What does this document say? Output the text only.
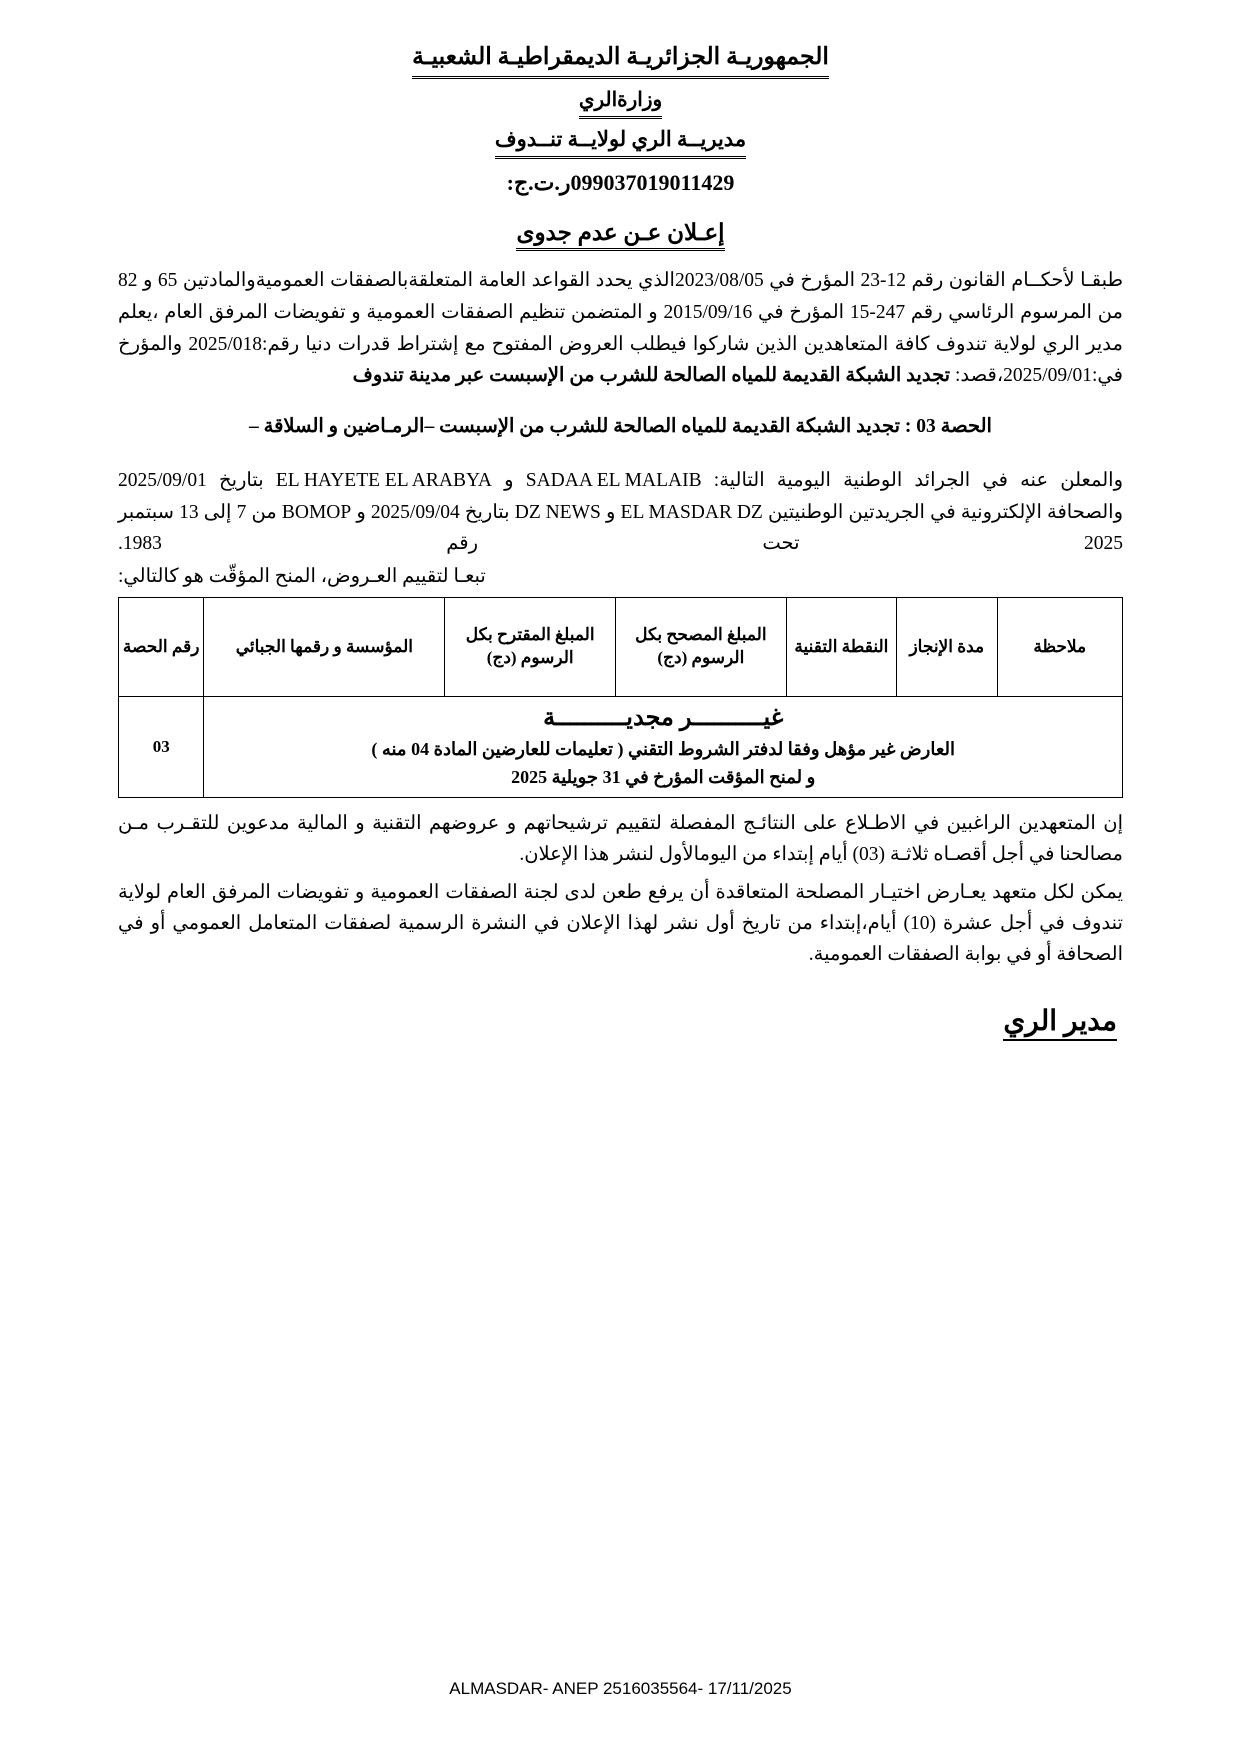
الجمهوريـة الجزائريـة الديمقراطيـة الشعبيـة
وزارةالري
مديريــة الري لولايــة تنــدوف
099037019011429ر.ت.ج:
إعـلان عـن عدم جدوى

طبقـا لأحكــام القانون رقم 12-23 المؤرخ في 2023/08/05الذي يحدد القواعد العامة المتعلقةبالصفقات العموميةوالمادتين 65 و 82 من المرسوم الرئاسي رقم 247-15 المؤرخ في 2015/09/16 و المتضمن تنظيم الصفقات العمومية و تفويضات المرفق العام ،يعلم مدير الري لولاية تندوف كافة المتعاهدين الذين شاركوا فيطلب العروض المفتوح مع إشتراط قدرات دنيا رقم:2025/018 والمؤرخ في:2025/09/01،قصد: تجديد الشبكة القديمة للمياه الصالحة للشرب من الإسبست عبر مدينة تندوف

الحصة 03 : تجديد الشبكة القديمة للمياه الصالحة للشرب من الإسبست –الرمـاضين و السلاقة –

والمعلن عنه في الجرائد الوطنية اليومية التالية: SADAA EL MALAIB و EL HAYETE EL ARABYA بتاريخ 2025/09/01 والصحافة الإلكترونية في الجريدتين الوطنيتين EL MASDAR DZ و DZ NEWS بتاريخ 2025/09/04 و BOMOP من 7 إلى 13 سبتمبر 2025 تحت رقم 1983.

تبعـا لتقييم العـروض، المنح المؤقّت هو كالتالي:
ملاحظة	مدة الإنجاز	النقطة التقنية	المبلغ المصحح بكل الرسوم (دج)	المبلغ المقترح بكل الرسوم (دج)	المؤسسة و رقمها الجبائي	رقم الحصة

غيــــــــــر مجديــــــــــة
العارض غير مؤهل وفقا لدفتر الشروط التقني ( تعليمات للعارضين المادة 04 منه )
و لمنح المؤقت المؤرخ في 31 جويلية 2025						03

إن المتعهدين الراغبين في الاطـلاع على النتائـج المفصلة لتقييم ترشيحاتهم و عروضهم التقنية و المالية مدعوين للتقـرب مـن مصالحنا في أجل أقصـاه ثلاثـة (03) أيام إبتداء من اليومالأول لنشر هذا الإعلان.

يمكن لكل متعهد يعـارض اختيـار المصلحة المتعاقدة أن يرفع طعن لدى لجنة الصفقات العمومية و تفويضات المرفق العام لولاية تندوف في أجل عشرة (10) أيام،إبتداء من تاريخ أول نشر لهذا الإعلان في النشرة الرسمية لصفقات المتعامل العمومي أو في الصحافة أو في بوابة الصفقات العمومية.

مدير الري
ALMASDAR- ANEP 2516035564- 17/11/2025
